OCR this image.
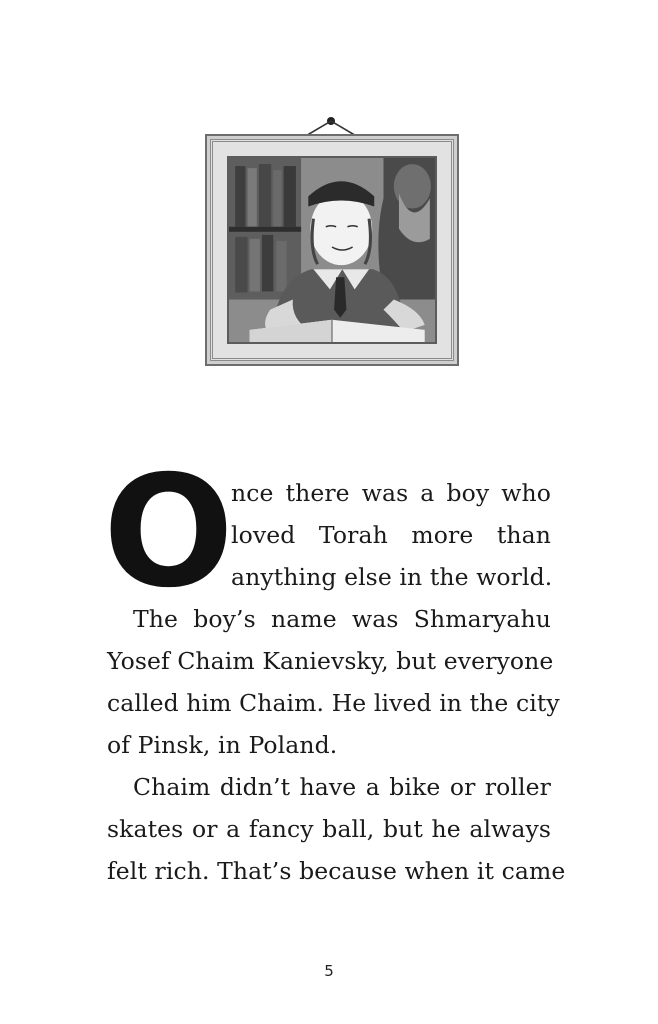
O
nce there was a boy who
loved Torah more than
anything else in the world.
The boy’s name was Shmaryahu
Yosef Chaim Kanievsky, but everyone
called him Chaim. He lived in the city
of Pinsk, in Poland.
Chaim didn’t have a bike or roller
skates or a fancy ball, but he always
felt rich. That’s because when it came
5
